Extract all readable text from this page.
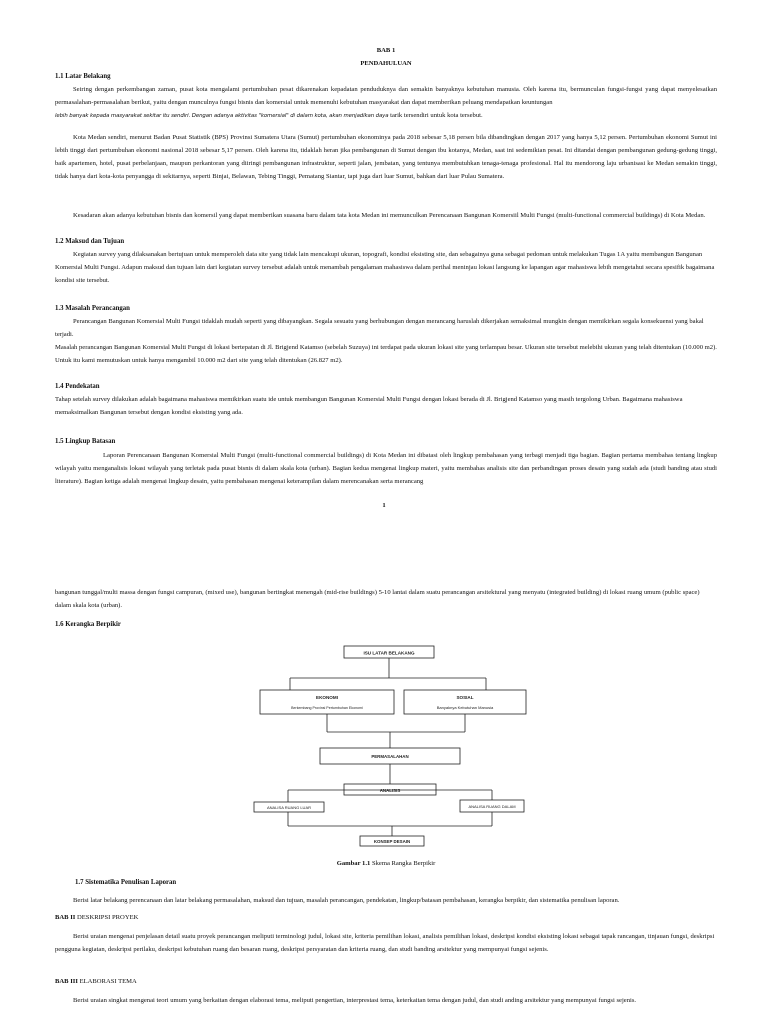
BAB 1
PENDAHULUAN
1.1 Latar Belakang

Seiring dengan perkembangan zaman, pusat kota mengalami pertumbuhan pesat dikarenakan kepadatan penduduknya dan semakin banyaknya kebutuhan manusia. Oleh karena itu, bermunculan fungsi-fungsi yang dapat menyelesaikan permasalahan-permasalahan berikut, yaitu dengan munculnya fungsi bisnis dan komersial untuk memenuhi kebutuhan masyarakat dan dapat memberikan peluang mendapatkan keuntungan

lebih banyak kepada masyarakat sekitar itu sendiri. Dengan adanya aktivitas "komersial" di dalam kota, akan menjadikan daya tarik tersendiri untuk kota tersebut.

Kota Medan sendiri, menurut Badan Pusat Statistik (BPS) Provinsi Sumatera Utara (Sumut) pertumbuhan ekonominya pada 2018 sebesar 5,18 persen bila dibandingkan dengan 2017 yang hanya 5,12 persen. Pertumbuhan ekonomi Sumut ini lebih tinggi dari pertumbuhan ekonomi nasional 2018 sebesar 5,17 persen. Oleh karena itu, tidaklah heran jika pembangunan di Sumut dengan ibu kotanya, Medan, saat ini sedemikian pesat. Ini ditandai dengan pembangunan gedung-gedung tinggi, baik apartemen, hotel, pusat perbelanjaan, maupun perkantoran yang diiringi pembangunan infrastruktur, seperti jalan, jembatan, yang tentunya membutuhkan tenaga-tenaga profesional. Hal itu mendorong laju urbanisasi ke Medan semakin tinggi, tidak hanya dari kota-kota penyangga di sekitarnya, seperti Binjai, Belawan, Tebing Tinggi, Pematang Siantar, tapi juga dari luar Sumut, bahkan dari luar Pulau Sumatera.

Kesadaran akan adanya kebutuhan bisnis dan komersil yang dapat memberikan suasana baru dalam tata kota Medan ini memunculkan Perencanaan Bangunan Komersiil Multi Fungsi (multi-functional commercial buildings) di Kota Medan.

1.2 Maksud dan Tujuan

Kegiatan survey yang dilaksanakan bertujuan untuk memperoleh data site yang tidak lain mencakupi ukuran, topografi, kondisi eksisting site, dan sebagainya guna sebagai pedoman untuk melakukan Tugas 1A yaitu membangun Bangunan Komersial Multi Fungsi. Adapun maksud dan tujuan lain dari kegiatan survey tersebut adalah untuk menambah pengalaman mahasiswa dalam perihal meninjau lokasi langsung ke lapangan agar mahasiswa lebih mengetahui secara spesifik bagaimana kondisi site tersebut.

1.3 Masalah Perancangan

Perancangan Bangunan Komersial Multi Fungsi tidaklah mudah seperti yang dibayangkan. Segala sesuatu yang berhubungan dengan merancang haruslah dikerjakan semaksimal mungkin dengan memikirkan segala konsekuensi yang bakal terjadi.

Masalah perancangan Bangunan Komersial Multi Fungsi di lokasi bertepatan di Jl. Brigjend Katamso (sebelah Suzuya) ini terdapat pada ukuran lokasi site yang terlampau besar. Ukuran site tersebut melebihi ukuran yang telah ditentukan (10.000 m2). Untuk itu kami memutuskan untuk hanya mengambil 10.000 m2 dari site yang telah ditentukan (26.827 m2).

1.4 Pendekatan

Tahap setelah survey dilakukan adalah bagaimana mahasiswa memikirkan suatu ide untuk membangun Bangunan Komersial Multi Fungsi dengan lokasi berada di Jl. Brigjend Katamso yang masih tergolong Urban. Bagaimana mahasiswa memaksimalkan Bangunan tersebut dengan kondisi eksisting yang ada.

1.5 Lingkup Batasan

Laporan Perencanaan Bangunan Komersial Multi Fungsi (multi-functional commercial buildings) di Kota Medan ini dibatasi oleh lingkup pembahasan yang terbagi menjadi tiga bagian. Bagian pertama membahas tentang lingkup wilayah yaitu menganalisis lokasi wilayah yang terletak pada pusat bisnis di dalam skala kota (urban). Bagian kedua mengenai lingkup materi, yaitu membahas analisis site dan perbandingan proses desain yang sudah ada (studi banding atau studi literature). Bagian ketiga adalah mengenai lingkup desain, yaitu pembahasan mengenai keterampilan dalam merencanakan serta merancang

1

bangunan tunggal/multi massa dengan fungsi campuran, (mixed use), bangunan bertingkat menengah (mid-rise buildings) 5-10 lantai dalam suatu perancangan arsitektural yang menyatu (integrated building) di lokasi ruang umum (public space) dalam skala kota (urban).

1.6 Kerangka Berpikir
ISU LATAR BELAKANG
EKONOMI
Berkembang Provinsi Pertumbuhan Ekonomi
SOSIAL
Banyaknya Kebutuhan Manusia
PERMASALAHAN
ANALISIS
ANALISA RUANG LUAR	ANALISA RUANG DALAM
KONSEP DESAIN
Gambar 1.1 Skema Rangka Berpikir
1.7 Sistematika Penulisan Laporan

Berisi latar belakang perencanaan dan latar belakang permasalahan, maksud dan tujuan, masalah perancangan, pendekatan, lingkup/batasan pembahasan, kerangka berpikir, dan sistematika penulisan laporan.

BAB II DESKRIPSI PROYEK

Berisi uraian mengenai penjelasan detail suatu proyek perancangan meliputi terminologi judul, lokasi site, kriteria pemilihan lokasi, analisis pemilihan lokasi, deskripsi kondisi eksisting lokasi sebagai tapak rancangan, tinjauan fungsi, deskripsi pengguna kegiatan, deskripsi perilaku, deskripsi kebutuhan ruang dan besaran ruang, deskripsi persyaratan dan kriteria ruang, dan studi banding arsitektur yang mempunyai fungsi sejenis.

BAB III ELABORASI TEMA

Berisi uraian singkat mengenai teori umum yang berkaitan dengan elaborasi tema, meliputi pengertian, interprestasi tema, keterkaitan tema dengan judul, dan studi anding arsitektur yang mempunyai fungsi sejenis.
